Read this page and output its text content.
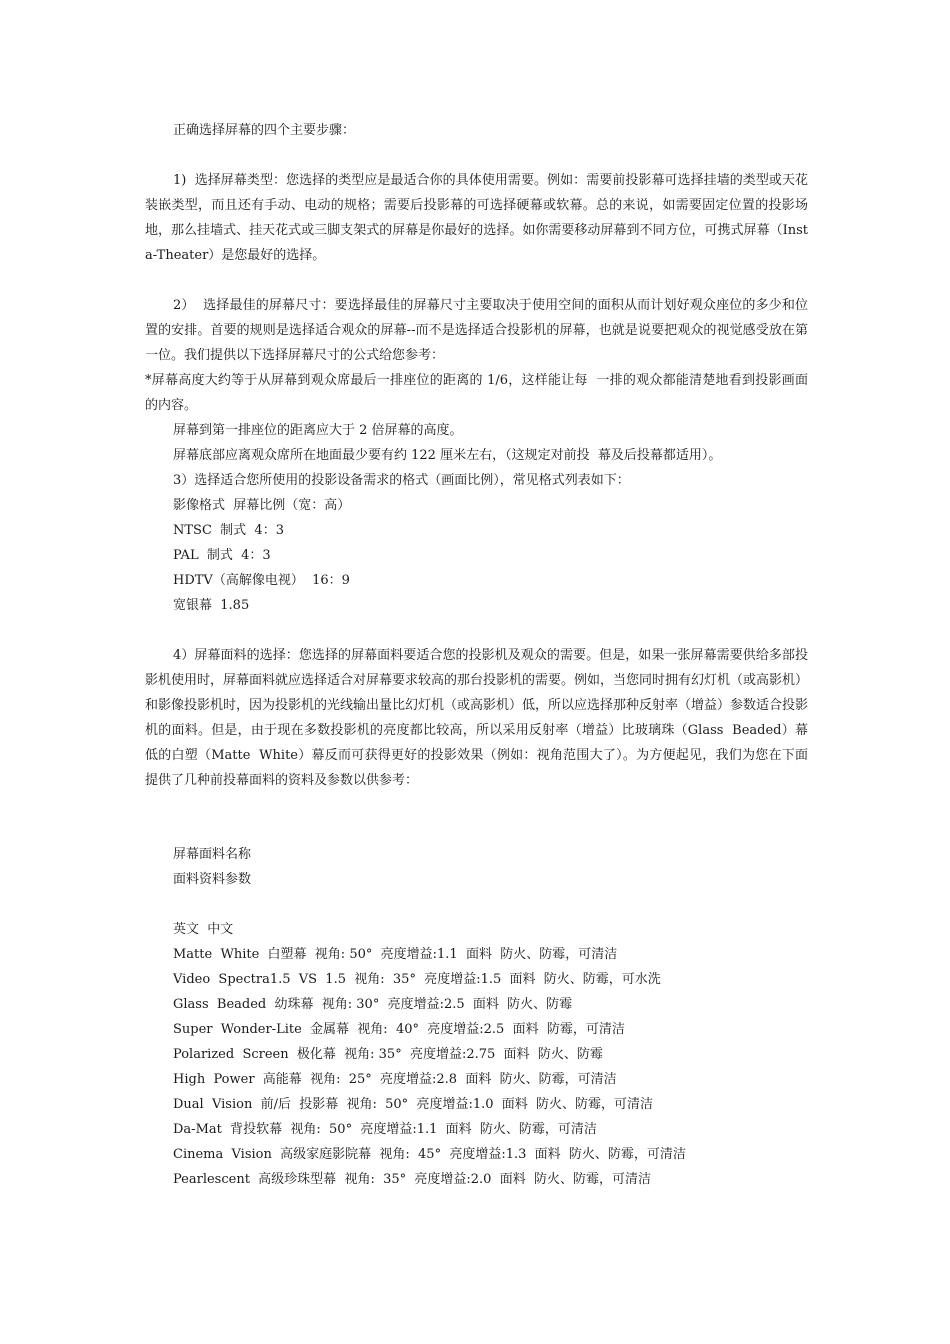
正确选择屏幕的四个主要步骤：

1)  选择屏幕类型：您选择的类型应是最适合你的具体使用需要。例如：需要前投影幕可选择挂墙的类型或天花装嵌类型，而且还有手动、电动的规格；需要后投影幕的可选择硬幕或软幕。总的来说，如需要固定位置的投影场地，那么挂墙式、挂天花式或三脚支架式的屏幕是你最好的选择。如你需要移动屏幕到不同方位，可携式屏幕（Insta-Theater）是您最好的选择。

2）  选择最佳的屏幕尺寸：要选择最佳的屏幕尺寸主要取决于使用空间的面积从而计划好观众座位的多少和位置的安排。首要的规则是选择适合观众的屏幕--而不是选择适合投影机的屏幕，也就是说要把观众的视觉感受放在第一位。我们提供以下选择屏幕尺寸的公式给您参考：

*屏幕高度大约等于从屏幕到观众席最后一排座位的距离的 1/6，这样能让每  一排的观众都能清楚地看到投影画面的内容。

屏幕到第一排座位的距离应大于 2 倍屏幕的高度。

屏幕底部应离观众席所在地面最少要有约 122 厘米左右，（这规定对前投  幕及后投幕都适用）。

3）选择适合您所使用的投影设备需求的格式（画面比例），常见格式列表如下：

影像格式  屏幕比例（宽：高）

NTSC  制式  4：3

PAL  制式  4：3

HDTV（高解像电视）  16：9

宽银幕  1.85

4）屏幕面料的选择：您选择的屏幕面料要适合您的投影机及观众的需要。但是，如果一张屏幕需要供给多部投影机使用时，屏幕面料就应选择适合对屏幕要求较高的那台投影机的需要。例如，当您同时拥有幻灯机（或高影机）和影像投影机时，因为投影机的光线输出量比幻灯机（或高影机）低，所以应选择那种反射率（增益）参数适合投影机的面料。但是，由于现在多数投影机的亮度都比较高，所以采用反射率（增益）比玻璃珠（Glass  Beaded）幕低的白塑（Matte  White）幕反而可获得更好的投影效果（例如：视角范围大了）。为方便起见，我们为您在下面提供了几种前投幕面料的资料及参数以供参考：

屏幕面料名称

面料资料参数

英文  中文

Matte  White  白塑幕  视角: 50°  亮度增益:1.1  面料  防火、防霉，可清洁

Video  Spectra1.5  VS  1.5  视角:  35°  亮度增益:1.5  面料  防火、防霉，可水洗

Glass  Beaded  幼珠幕  视角: 30°  亮度增益:2.5  面料  防火、防霉

Super  Wonder-Lite  金属幕  视角:  40°  亮度增益:2.5  面料  防霉，可清洁

Polarized  Screen  极化幕  视角: 35°  亮度增益:2.75  面料  防火、防霉

High  Power  高能幕  视角:  25°  亮度增益:2.8  面料  防火、防霉，可清洁

Dual  Vision  前/后  投影幕  视角:  50°  亮度增益:1.0  面料  防火、防霉，可清洁

Da-Mat  背投软幕  视角:  50°  亮度增益:1.1  面料  防火、防霉，可清洁

Cinema  Vision  高级家庭影院幕  视角:  45°  亮度增益:1.3  面料  防火、防霉，可清洁

Pearlescent  高级珍珠型幕  视角:  35°  亮度增益:2.0  面料  防火、防霉，可清洁
